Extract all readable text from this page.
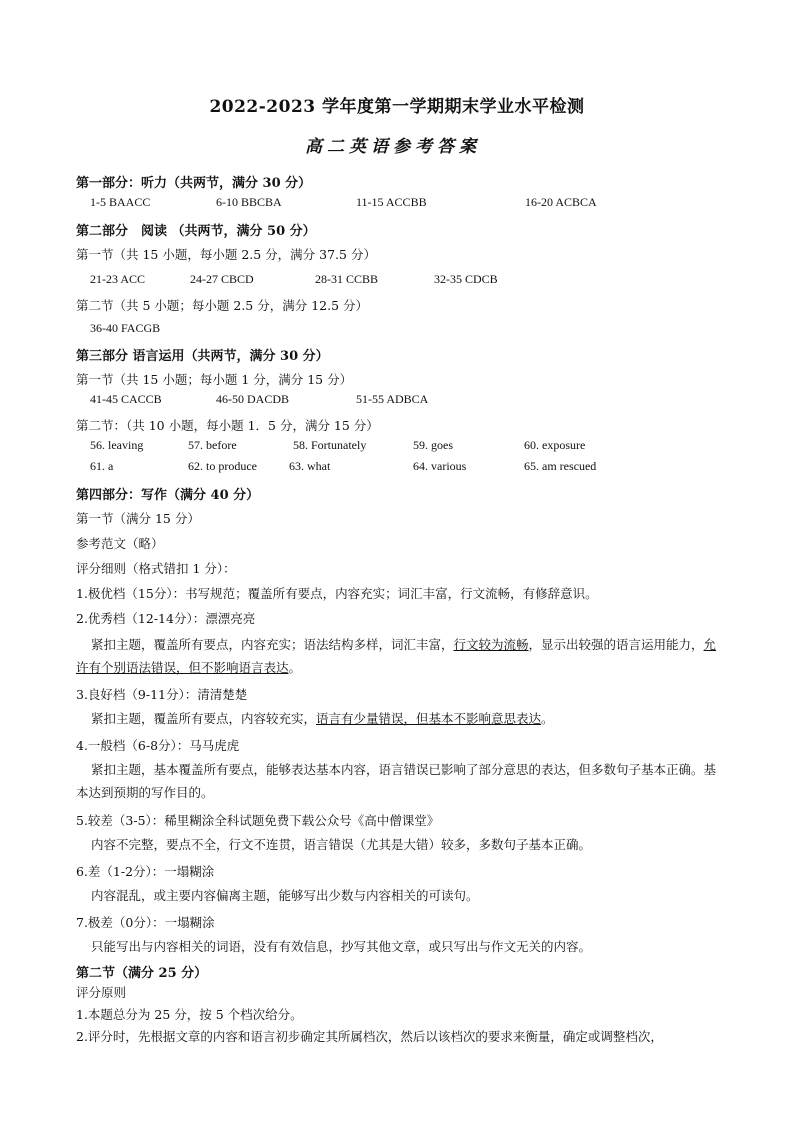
2022-2023 学年度第一学期期末学业水平检测
高二英语参考答案
第一部分：听力（共两节，满分 30 分）
1-5 BAACC	6-10 BBCBA	11-15 ACCBB	16-20 ACBCA
第二部分　阅读 （共两节，满分 50 分）
第一节（共 15 小题，每小题 2.5 分，满分 37.5 分）
21-23 ACC	24-27 CBCD	28-31 CCBB	32-35 CDCB
第二节（共 5 小题；每小题 2.5 分，满分 12.5 分）
36-40 FACGB
第三部分 语言运用（共两节，满分 30 分）
第一节（共 15 小题；每小题 1 分，满分 15 分）
41-45 CACCB	46-50 DACDB	51-55 ADBCA
第二节：（共 10 小题，每小题 1．5 分，满分 15 分）
56. leaving	57. before	58. Fortunately	59. goes	60. exposure
61. a	62. to produce	63. what	64. various	65. am rescued
第四部分：写作（满分 40 分）
第一节（满分 15 分）
参考范文（略）
评分细则（格式错扣 1 分）：
1.极优档（15分）：书写规范；覆盖所有要点，内容充实；词汇丰富，行文流畅，有修辞意识。
2.优秀档（12-14分）：漂漂亮亮
紧扣主题，覆盖所有要点，内容充实；语法结构多样，词汇丰富，行文较为流畅，显示出较强的语言运用能力，允许有个别语法错误，但不影响语言表达。
3.良好档（9-11分）：清清楚楚
紧扣主题，覆盖所有要点，内容较充实，语言有少量错误，但基本不影响意思表达。
4.一般档（6-8分）：马马虎虎
紧扣主题，基本覆盖所有要点，能够表达基本内容，语言错误已影响了部分意思的表达，但多数句子基本正确。基本达到预期的写作目的。
5.较差（3-5）：稀里糊涂全科试题免费下载公众号《高中僧课堂》
内容不完整，要点不全，行文不连贯，语言错误（尤其是大错）较多，多数句子基本正确。
6.差（1-2分）：一塌糊涂
内容混乱，或主要内容偏离主题，能够写出少数与内容相关的可读句。
7.极差（0分）：一塌糊涂
只能写出与内容相关的词语，没有有效信息，抄写其他文章，或只写出与作文无关的内容。
第二节（满分 25 分）
评分原则
1.本题总分为 25 分，按 5 个档次给分。
2.评分时，先根据文章的内容和语言初步确定其所属档次，然后以该档次的要求来衡量，确定或调整档次，
